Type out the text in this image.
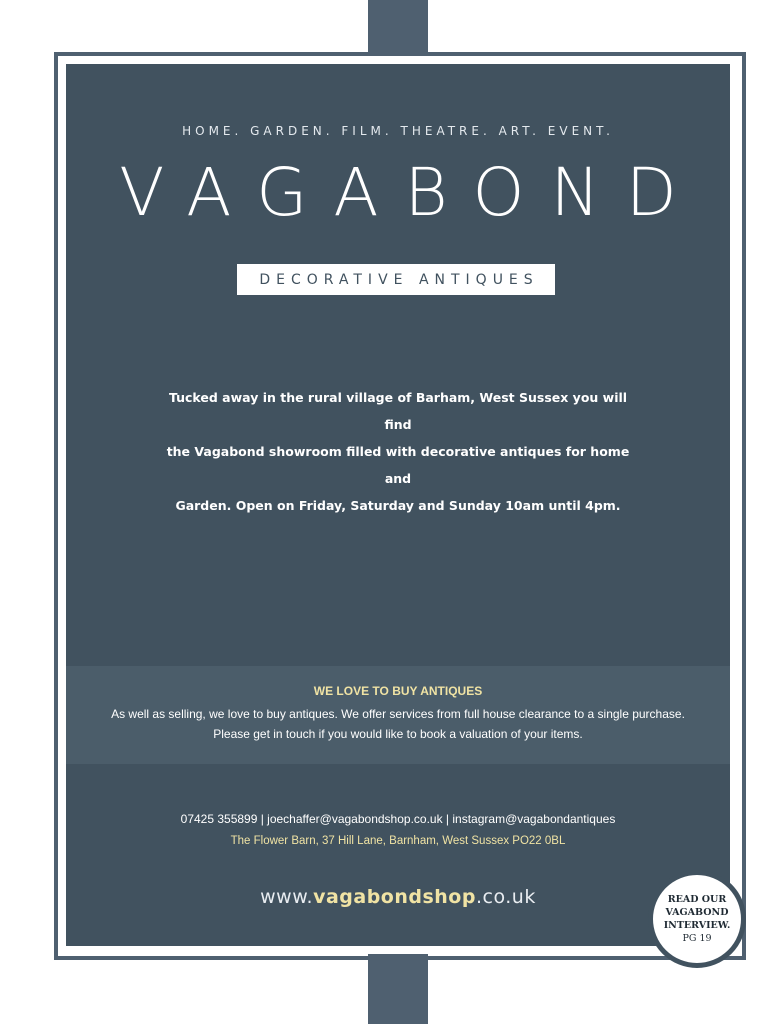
HOME. GARDEN. FILM. THEATRE. ART. EVENT.
VAGABOND
DECORATIVE ANTIQUES
Tucked away in the rural village of Barham, West Sussex you will find
the Vagabond showroom filled with decorative antiques for home and
Garden. Open on Friday, Saturday and Sunday 10am until 4pm.
WE LOVE TO BUY ANTIQUES
As well as selling, we love to buy antiques. We offer services from full house clearance to a single purchase.
Please get in touch if you would like to book a valuation of your items.
07425 355899 | joechaffer@vagabondshop.co.uk | instagram@vagabondantiques
The Flower Barn, 37 Hill Lane, Barnham, West Sussex PO22 0BL
www.vagabondshop.co.uk	READ OUR
VAGABOND
INTERVIEW.
PG 19
